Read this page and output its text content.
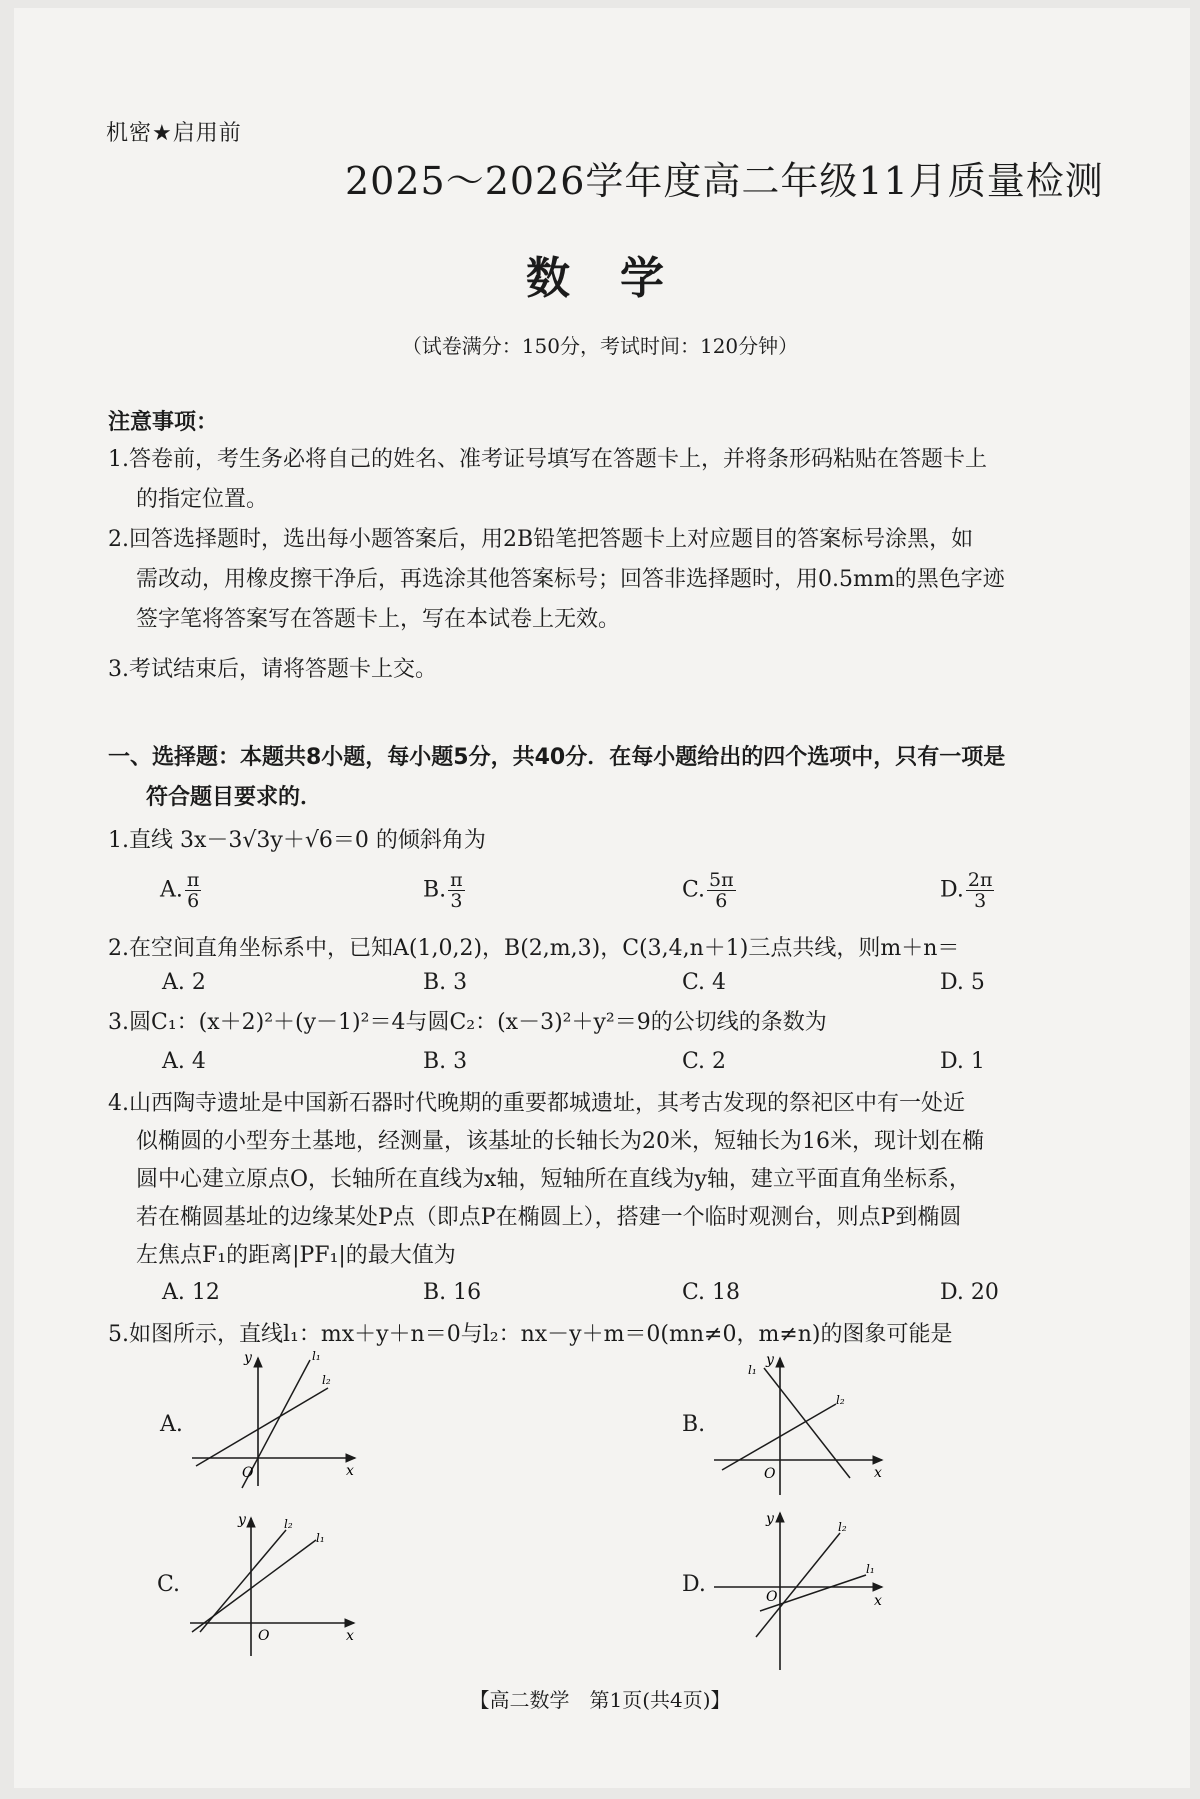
机密★启用前
2025～2026学年度高二年级11月质量检测
数学
（试卷满分：150分，考试时间：120分钟）
注意事项：
1.答卷前，考生务必将自己的姓名、准考证号填写在答题卡上，并将条形码粘贴在答题卡上
的指定位置。
2.回答选择题时，选出每小题答案后，用2B铅笔把答题卡上对应题目的答案标号涂黑，如
需改动，用橡皮擦干净后，再选涂其他答案标号；回答非选择题时，用0.5mm的黑色字迹
签字笔将答案写在答题卡上，写在本试卷上无效。
3.考试结束后，请将答题卡上交。
一、选择题：本题共8小题，每小题5分，共40分．在每小题给出的四个选项中，只有一项是
符合题目要求的．
1.直线 3x－3√3y＋√6＝0 的倾斜角为
A. $\frac{\pi}{6}$	B. $\frac{\pi}{3}$	C. $\frac{5\pi}{6}$	D. $\frac{2\pi}{3}$
2.在空间直角坐标系中，已知A(1,0,2)，B(2,m,3)，C(3,4,n＋1)三点共线，则m＋n＝
A. 2	B. 3	C. 4	D. 5
3.圆C₁：(x＋2)²＋(y－1)²＝4与圆C₂：(x－3)²＋y²＝9的公切线的条数为
A. 4	B. 3	C. 2	D. 1
4.山西陶寺遗址是中国新石器时代晚期的重要都城遗址，其考古发现的祭祀区中有一处近
似椭圆的小型夯土基地，经测量，该基址的长轴长为20米，短轴长为16米，现计划在椭
圆中心建立原点O，长轴所在直线为x轴，短轴所在直线为y轴，建立平面直角坐标系，
若在椭圆基址的边缘某处P点（即点P在椭圆上），搭建一个临时观测台，则点P到椭圆
左焦点F₁的距离|PF₁|的最大值为
A. 12	B. 16	C. 18	D. 20
5.如图所示，直线l₁：mx＋y＋n＝0与l₂：nx－y＋m＝0(mn≠0，m≠n)的图象可能是
A.	B.
C.	D.
x
y
O
l₁
l₂
x
y
O
l₁
l₂
x
y
O
l₁
l₂
x
y
O
l₁
l₂
【高二数学　第1页(共4页)】
